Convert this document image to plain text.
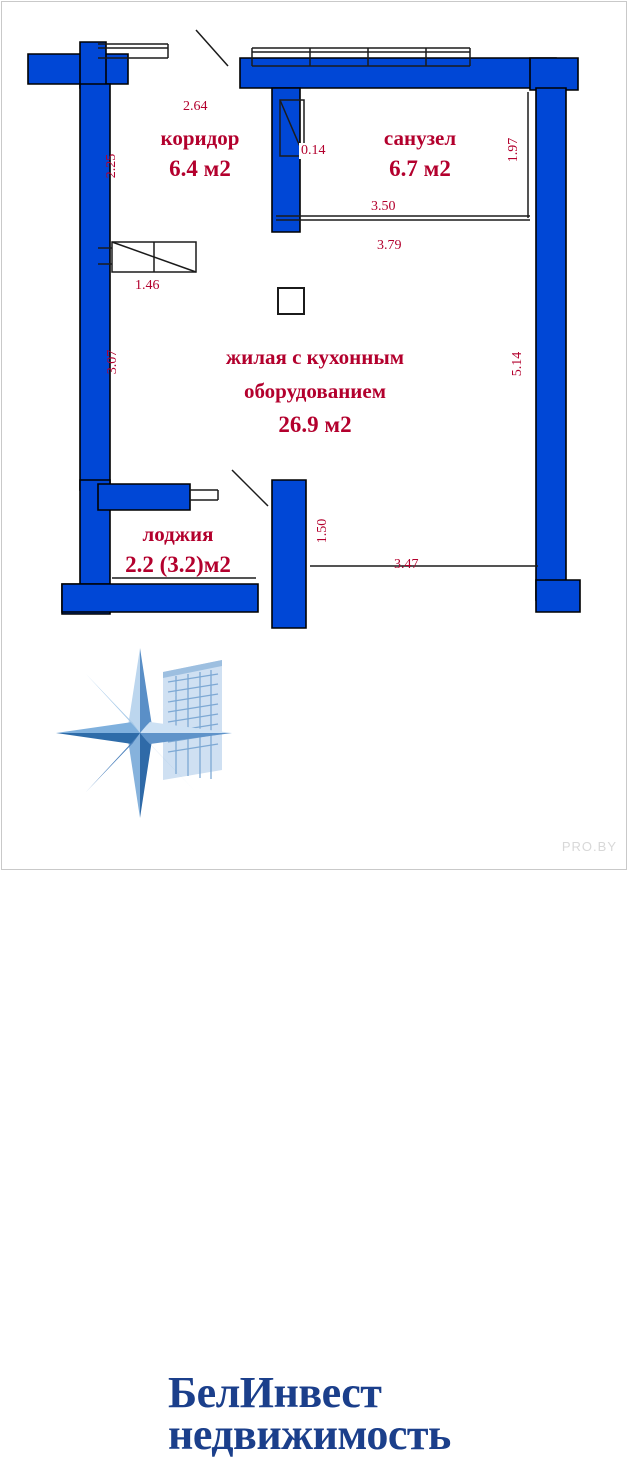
коридор
6.4 м2
санузел
6.7 м2
жилая с кухонным
оборудованием
26.9 м2
лоджия
2.2 (3.2)м2
2.64
0.14	1.97
3.50
3.79
2.25
1.46
3.07	5.14
1.50
3.47
БелИнвест
недвижимость
PRO.BY
